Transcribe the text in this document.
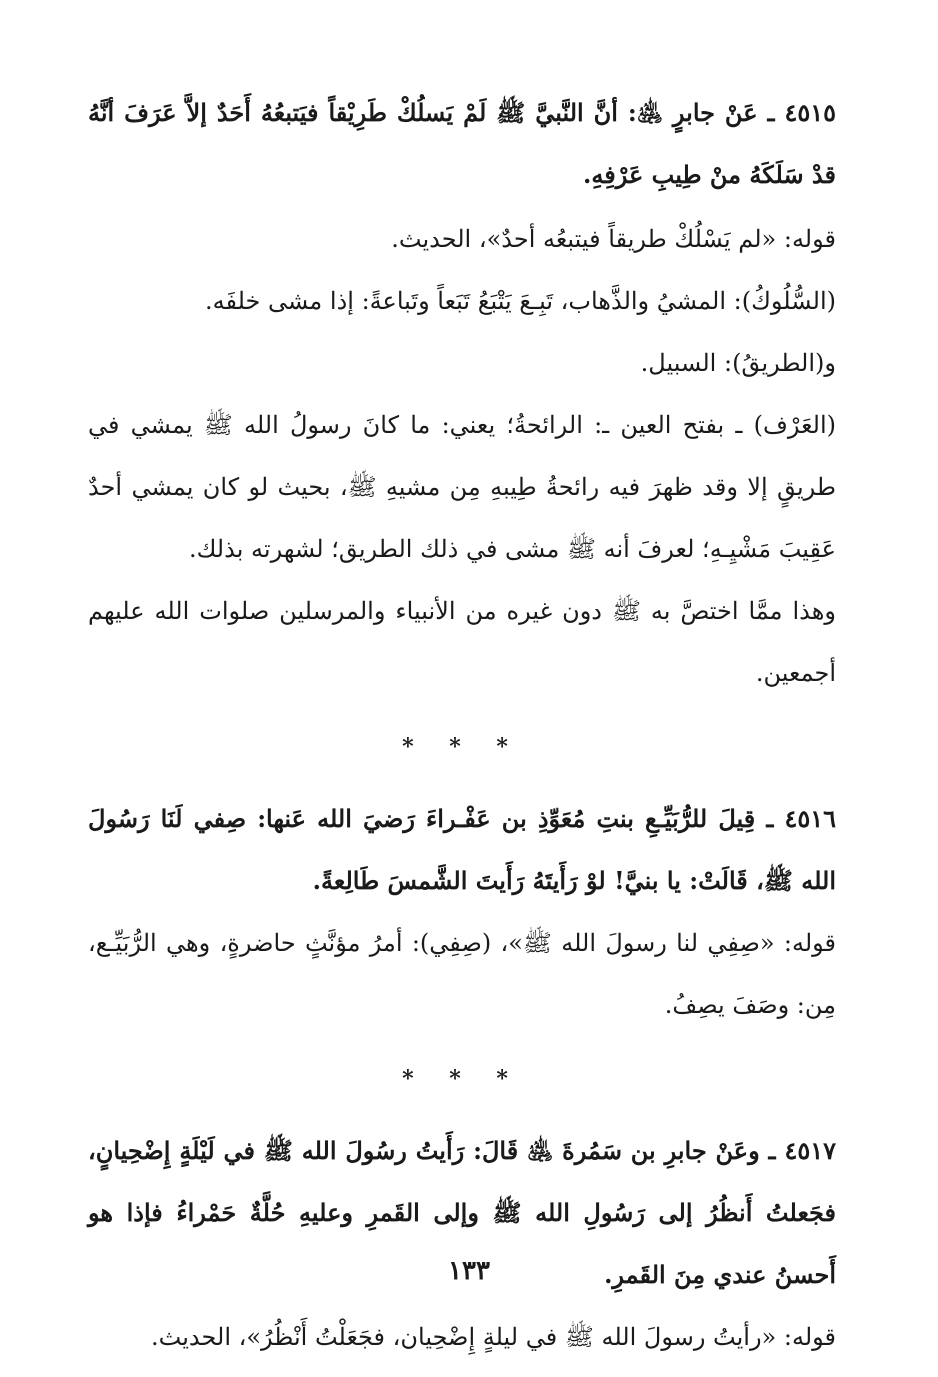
٤٥١٥ ـ عَنْ جابرٍ ﵁: أنَّ النَّبيَّ ﷺ لَمْ يَسلُكْ طَرِيْقاً فيَتبعُهُ أَحَدٌ إلاَّ عَرَفَ أنَّهُ قدْ سَلَكَهُ منْ طِيبِ عَرْفِهِ.

قوله: «لم يَسْلُكْ طريقاً فيتبعُه أحدٌ»، الحديث.

(السُّلُوكُ): المشيُ والذَّهاب، تَبِـعَ يَتْبَعُ تَبَعاً وتَباعةً: إذا مشى خلفَه.

و(الطريقُ): السبيل.

(العَرْف) ـ بفتح العين ـ: الرائحةُ؛ يعني: ما كانَ رسولُ الله ﷺ يمشي في طريقٍ إلا وقد ظهرَ فيه رائحةُ طِيبهِ مِن مشيهِ ﷺ، بحيث لو كان يمشي أحدٌ عَقِيبَ مَشْيِـهِ؛ لعرفَ أنه ﷺ مشى في ذلك الطريق؛ لشهرته بذلك.

وهذا ممَّا اختصَّ به ﷺ دون غيره من الأنبياء والمرسلين صلوات الله عليهم أجمعين.

* * *

٤٥١٦ ـ قِيلَ للرُّبَيِّـعِ بنتِ مُعَوِّذِ بن عَفْـراءَ رَضيَ الله عَنها: صِفي لَنَا رَسُولَ الله ﷺ، قَالَتْ: يا بنيَّ! لوْ رَأَيتَهُ رَأَيتَ الشَّمسَ طَالِعةً.

قوله: «صِفِي لنا رسولَ الله ﷺ»، (صِفِي): أمرُ مؤنَّثٍ حاضرةٍ، وهي الرُّبَيِّـع، مِن: وصَفَ يصِفُ.

* * *

٤٥١٧ ـ وعَنْ جابرِ بن سَمُرةَ ﵁ قَالَ: رَأَيتُ رسُولَ الله ﷺ في لَيْلَةٍ إِضْحِيانٍ، فجَعلتُ أَنظُرُ إلى رَسُولِ الله ﷺ وإلى القَمرِ وعليهِ حُلَّةٌ حَمْراءُ فإذا هو أَحسنُ عندي مِنَ القَمرِ.

قوله: «رأيتُ رسولَ الله ﷺ في ليلةٍ إِضْحِيان، فجَعَلْتُ أَنْظُرُ»، الحديث.

١٣٣
